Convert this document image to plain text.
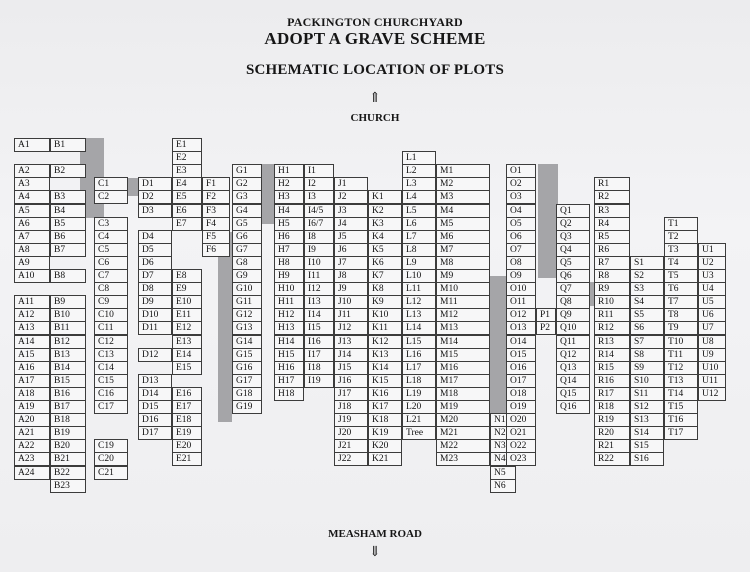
PACKINGTON CHURCHYARD
ADOPT A GRAVE SCHEME
SCHEMATIC LOCATION OF PLOTS
⇑
CHURCH
A1
A2
A3
A4
A5
A6
A7
A8
A9
A10
A11
A12
A13
A14
A15
A16
A17
A18
A19
A20
A21
A22
A23
A24
B1
B2
B3
B4
B5
B6
B7
B8
B9
B10
B11
B12
B13
B14
B15
B16
B17
B18
B19
B20
B21
B22
B23
C1
C2
C3
C4
C5
C6
C7
C8
C9
C10
C11
C12
C13
C14
C15
C16
C17
C19
C20
C21
D1
D2
D3
D4
D5
D6
D7
D8
D9
D10
D11
D12
D13
D14
D15
D16
D17
E1
E2
E3
E4
E5
E6
E7
E8
E9
E10
E11
E12
E13
E14
E15
E16
E17
E18
E19
E20
E21
F1
F2
F3
F4
F5
F6
G1
G2
G3
G4
G5
G6
G7
G8
G9
G10
G11
G12
G13
G14
G15
G16
G17
G18
G19
H1
H2
H3
H4
H5
H6
H7
H8
H9
H10
H11
H12
H13
H14
H15
H16
H17
H18
I1
I2
I3
I4/5
I6/7
I8
I9
I10
I11
I12
I13
I14
I15
I16
I17
I18
I19
J1
J2
J3
J4
J5
J6
J7
J8
J9
J10
J11
J12
J13
J14
J15
J16
J17
J18
J19
J20
J21
J22
K1
K2
K3
K4
K5
K6
K7
K8
K9
K10
K11
K12
K13
K14
K15
K16
K17
K18
K19
K20
K21
L1
L2
L3
L4
L5
L6
L7
L8
L9
L10
L11
L12
L13
L14
L15
L16
L17
L18
L19
L20
L21
Tree
M1
M2
M3
M4
M5
M6
M7
M8
M9
M10
M11
M12
M13
M14
M15
M16
M17
M18
M19
M20
M21
M22
M23
N1
N2
N3
N4
N5
N6
O1
O2
O3
O4
O5
O6
O7
O8
O9
O10
O11
O12
O13
O14
O15
O16
O17
O18
O19
O20
O21
O22
O23
P1
P2
Q1
Q2
Q3
Q4
Q5
Q6
Q7
Q8
Q9
Q10
Q11
Q12
Q13
Q14
Q15
Q16
R1
R2
R3
R4
R5
R6
R7
R8
R9
R10
R11
R12
R13
R14
R15
R16
R17
R18
R19
R20
R21
R22
S1
S2
S3
S4
S5
S6
S7
S8
S9
S10
S11
S12
S13
S14
S15
S16
T1
T2
T3
T4
T5
T6
T7
T8
T9
T10
T11
T12
T13
T14
T15
T16
T17
U1
U2
U3
U4
U5
U6
U7
U8
U9
U10
U11
U12
MEASHAM ROAD
⇓
